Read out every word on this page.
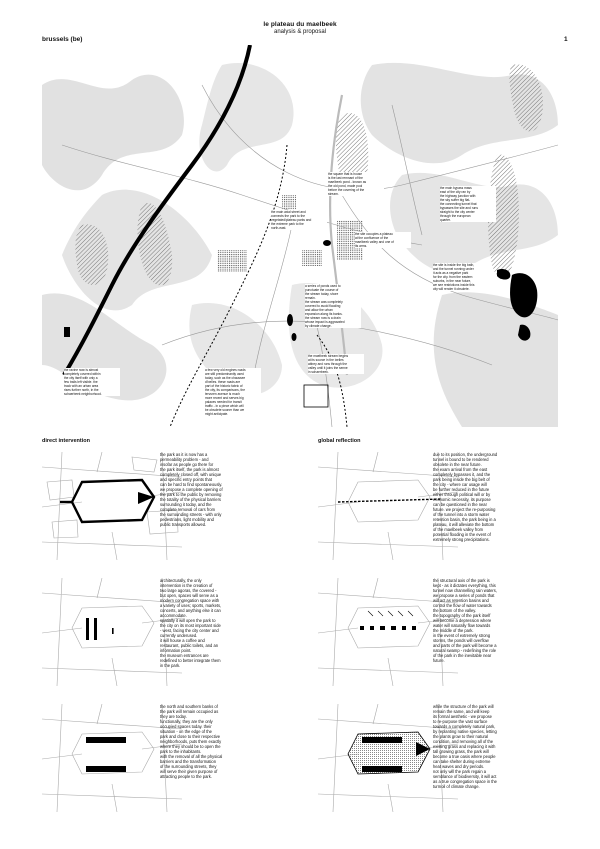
le plateau du maelbeek
analysis & proposal
brussels (be)	1
the square that is house
is the last remnant of the
maelbeek pond - known as
the old pond, made pool
before the covering of the
stream.
the main axial street and
connects the park to the
vegetated/plateau parks and
the extreme park to the
north-east.
the main bypass mass
east of the city ran by
the highway junction with
the sky suffer big flat-
the connecting tunnel that
bypasses the site and runs
straight to the city center
through the european
quarter.
the site occupies a plateau
at the confluence of the
maelbeek valley and one of
its arms.
the site is inside the big bath,
and the tunnel running under
it acts as a negative park
for the city. from the eastern
suburbs, in the near future,
we see restrictions inside this
city will render it obsolete.
a series of ponds used to
punctuate the course of
the stream today, shore
remain.
the stream was completely
covered to avoid flooding
and allow the urban
expansion along its banks.
the stream now is a drain
whose impact is aggravated
by climate change.
the ravine now is almost
completely covered within
the city itself with only a
few trails left visible. the
track with an urban area
rises further north, in the
schaerbeek neighborhood.
a few very old engines roads
are still predominantly used
today, such as the chaussee
d'ixelles. these roads are
part of the historic fabric of
the city, its comparisons, the
tervuren avenue is much
more recent and serves big
palaces needed for transit
traffic - in a piece which will
be obsolete sooner than we
might anticipate.
the maelbeek stream begins
at its source in the ixelles
abbey and runs through the
valley until it joins the senne
in schaerbeek.
direct intervention	global reflection
the park as it is now has a
permeability problem - and
insofar as people go there for
the park itself, the park is almost
completely closed off, with unique
and specific entry points that
can be hard to find spontaneously.
we propose a complete opening of
the park to the public by removing
the totality of the physical barriers
surrounding it today, and the
complete removal of cars from
the surrounding streets - with only
pedestrians, light mobility and
public transports allowed.
architecturally, the only
intervention is the creation of
two large agoras, the covered -
but open, spaces will serve as a
modern congregation space with
a variety of uses; sports, markets,
concerts, and anything else it can
accommodate.
spatially it will open the park to
the city on its most important side
- west, facing the city center and
currently underused.
it will house a coffee and
restaurant, public toilets, and an
information point.
the museum entrances are
redefined to better integrate them
in the park.
the north and southern banks of
the park will remain occupied as
they are today.
functionally, they are the only
occupied spaces today. their
situation - on the edge of the
park and close to their respective
neighborhoods, puts them exactly
where they should be to open the
park to the inhabitants.
with the removal of all the physical
barriers and the transformation
of the surrounding streets, they
will serve their given purpose of
attracting people to the park.
due to its position, the underground
tunnel is bound to be rendered
obsolete in the near future.
the exam arrival from the east
completely bypasses it, and the
park being inside the big belt of
the city - where car usage will
be further reduced in the future
either through political will or by
economic necessity, its purpose
can be questioned in the near
future. we project the re-purposing
of the tunnel into a storm water
retention basin, the park being in a
plateau, it will alleviate the bottom
of the maelbeek valley from
potential flooding in the event of
extremely strong precipitations.
the structural axis of the park is
kept - as it dictates everything, this
tunnel now channelling rain waters,
we propose a series of ponds that
will act as retention basins and
control the flow of water towards
the bottom of the valley.
the topography of the park itself
will become a depression where
water will naturally flow towards
the middle of the park.
in the event of extremely strong
storms, the ponds will overflow
and parts of the park will become a
natural swamp - redefining the role
of the park in the inevitable near
future.
while the structure of the park will
remain the same, and will keep
its formal aesthetic - we propose
to re-purpose the vast surface
towards a completely natural park,
by replanting native species, letting
the plants grow to their natural
condition, and removing all of the
existing grass and replacing it with
tall growing grass, the park will
become a true oasis where people
can take shelter during extreme
heat waves and dry periods.
not only will the park regain a
semblance of biodiversity, it will act
as a true congregation space in the
turmoil of climate change.
